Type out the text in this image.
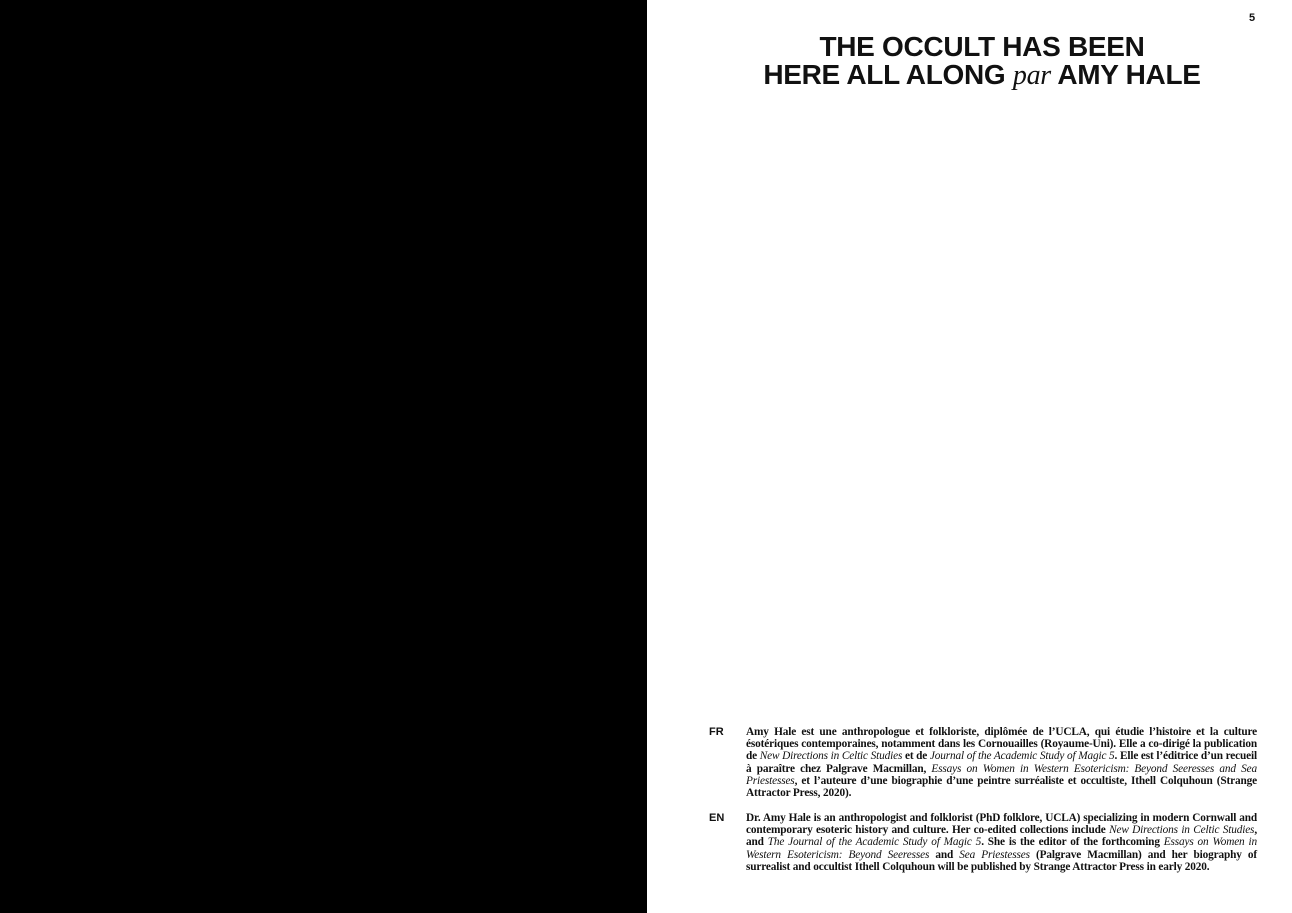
5
THE OCCULT HAS BEEN
HERE ALL ALONG par AMY HALE
FR Amy Hale est une anthropologue et folkloriste, diplômée de l’UCLA, qui étudie l’histoire et la culture ésotériques contemporaines, notamment dans les Cornouailles (Royaume-Uni). Elle a co-dirigé la publication de New Directions in Celtic Studies et de Journal of the Academic Study of Magic 5. Elle est l’éditrice d’un recueil à paraître chez Palgrave Macmillan, Essays on Women in Western Esotericism: Beyond Seeresses and Sea Priestesses, et l’auteure d’une biographie d’une peintre surréaliste et occultiste, Ithell Colquhoun (Strange Attractor Press, 2020).
EN Dr. Amy Hale is an anthropologist and folklorist (PhD folklore, UCLA) specializing in modern Cornwall and contemporary esoteric history and culture. Her co-edited collections include New Directions in Celtic Studies, and The Journal of the Academic Study of Magic 5. She is the editor of the forthcoming Essays on Women in Western Esotericism: Beyond Seeresses and Sea Priestesses (Palgrave Macmillan) and her biography of surrealist and occultist Ithell Colquhoun will be published by Strange Attractor Press in early 2020.
